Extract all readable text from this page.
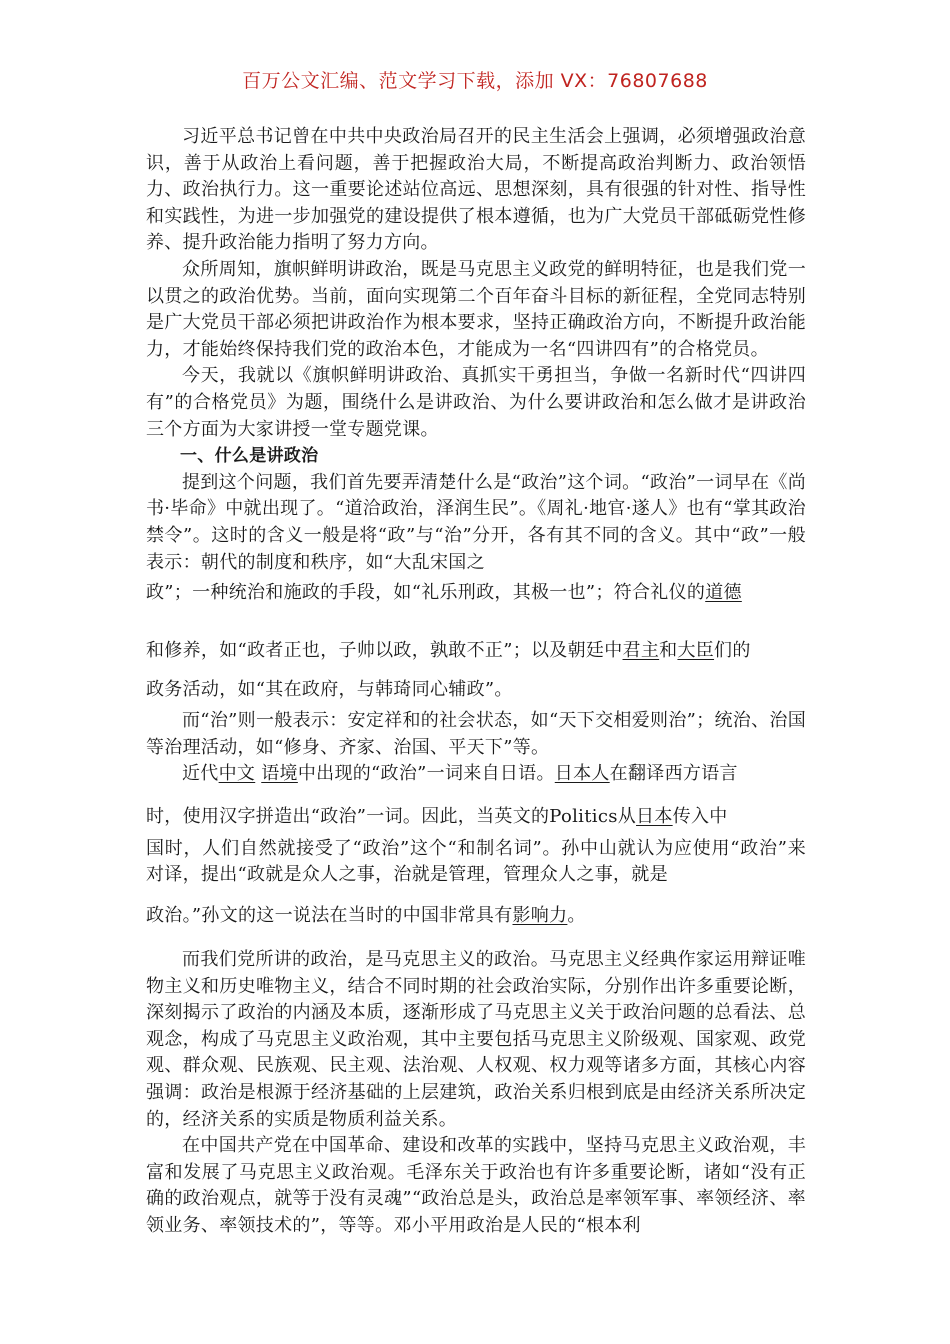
百万公文汇编、范文学习下载，添加 VX：76807688

习近平总书记曾在中共中央政治局召开的民主生活会上强调，必须增强政治意识，善于从政治上看问题，善于把握政治大局，不断提高政治判断力、政治领悟力、政治执行力。这一重要论述站位高远、思想深刻，具有很强的针对性、指导性和实践性，为进一步加强党的建设提供了根本遵循，也为广大党员干部砥砺党性修养、提升政治能力指明了努力方向。

众所周知，旗帜鲜明讲政治，既是马克思主义政党的鲜明特征，也是我们党一以贯之的政治优势。当前，面向实现第二个百年奋斗目标的新征程，全党同志特别是广大党员干部必须把讲政治作为根本要求，坚持正确政治方向，不断提升政治能力，才能始终保持我们党的政治本色，才能成为一名“四讲四有”的合格党员。

今天，我就以《旗帜鲜明讲政治、真抓实干勇担当，争做一名新时代“四讲四有”的合格党员》为题，围绕什么是讲政治、为什么要讲政治和怎么做才是讲政治三个方面为大家讲授一堂专题党课。

一、什么是讲政治

提到这个问题，我们首先要弄清楚什么是“政治”这个词。“政治”一词早在《尚书·毕命》中就出现了。“道洽政治，泽润生民”。《周礼·地官·遂人》也有“掌其政治禁令”。这时的含义一般是将“政”与“治”分开，各有其不同的含义。其中“政”一般表示：朝代的制度和秩序，如“大乱宋国之

政”；一种统治和施政的手段，如“礼乐刑政，其极一也”；符合礼仪的道德

和修养，如“政者正也，子帅以政，孰敢不正”；以及朝廷中君主和大臣们的

政务活动，如“其在政府，与韩琦同心辅政”。

而“治”则一般表示：安定祥和的社会状态，如“天下交相爱则治”；统治、治国等治理活动，如“修身、齐家、治国、平天下”等。

近代中文 语境中出现的“政治”一词来自日语。日本人在翻译西方语言

时，使用汉字拼造出“政治”一词。因此，当英文的Politics从日本传入中

国时，人们自然就接受了“政治”这个“和制名词”。孙中山就认为应使用“政治”来对译，提出“政就是众人之事，治就是管理，管理众人之事，就是

政治。”孙文的这一说法在当时的中国非常具有影响力。

而我们党所讲的政治，是马克思主义的政治。马克思主义经典作家运用辩证唯物主义和历史唯物主义，结合不同时期的社会政治实际，分别作出许多重要论断，深刻揭示了政治的内涵及本质，逐渐形成了马克思主义关于政治问题的总看法、总观念，构成了马克思主义政治观，其中主要包括马克思主义阶级观、国家观、政党观、群众观、民族观、民主观、法治观、人权观、权力观等诸多方面，其核心内容强调：政治是根源于经济基础的上层建筑，政治关系归根到底是由经济关系所决定的，经济关系的实质是物质利益关系。

在中国共产党在中国革命、建设和改革的实践中，坚持马克思主义政治观，丰富和发展了马克思主义政治观。毛泽东关于政治也有许多重要论断，诸如“没有正确的政治观点，就等于没有灵魂”“政治总是头，政治总是率领军事、率领经济、率领业务、率领技术的”，等等。邓小平用政治是人民的“根本利
